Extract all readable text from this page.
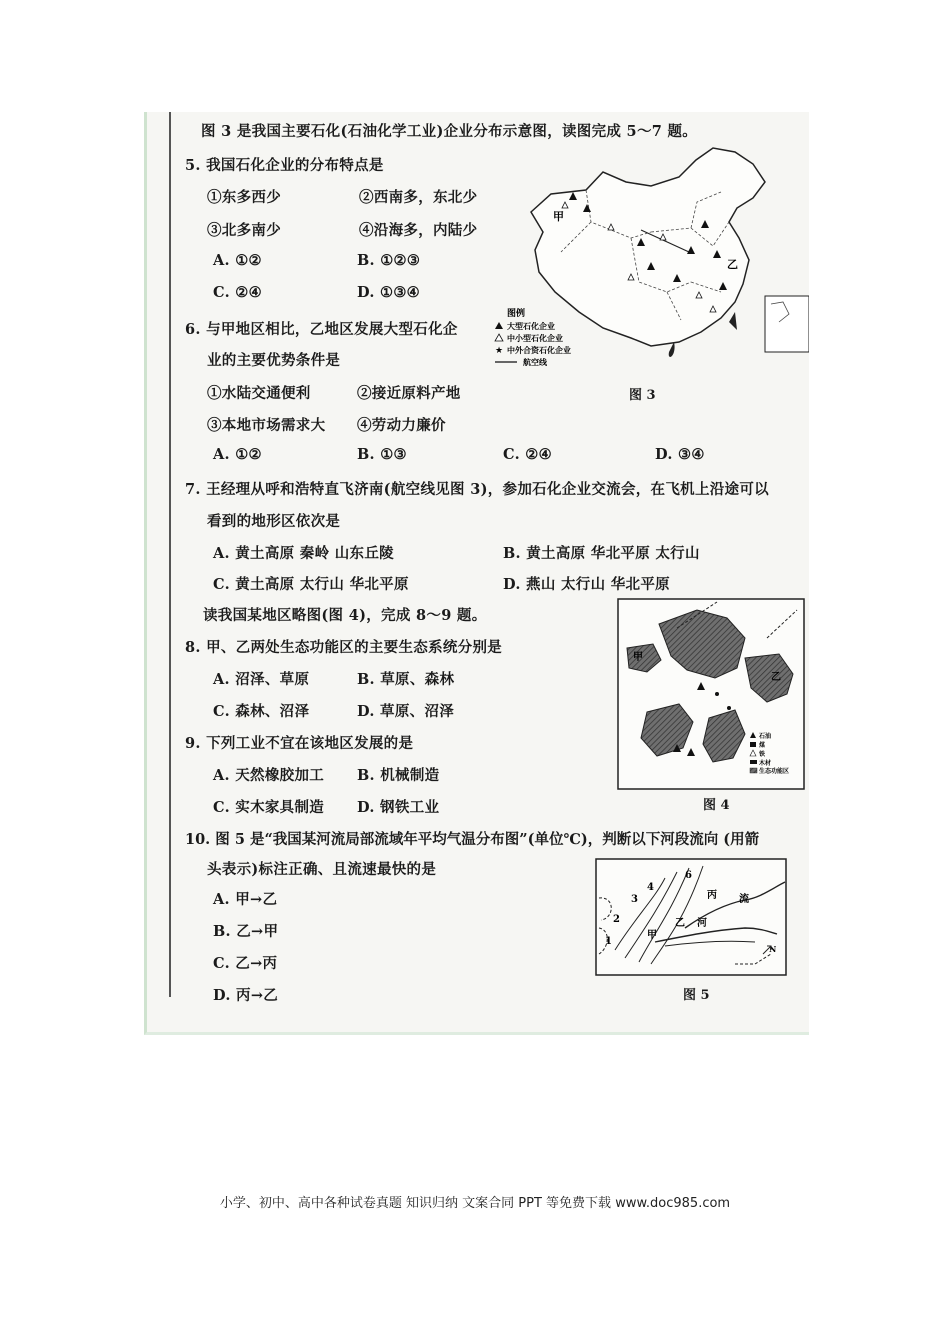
图 3 是我国主要石化(石油化学工业)企业分布示意图，读图完成 5～7 题。
5. 我国石化企业的分布特点是
①东多西少	②西南多，东北少
③北多南少	④沿海多，内陆少
A. ①②	B. ①②③
C. ②④	D. ①③④
6. 与甲地区相比，乙地区发展大型石化企
业的主要优势条件是
①水陆交通便利	②接近原料产地
③本地市场需求大 ④劳动力廉价
A. ①②	B. ①③	C. ②④	D. ③④
7. 王经理从呼和浩特直飞济南(航空线见图 3)，参加石化企业交流会，在飞机上沿途可以
看到的地形区依次是
A. 黄土高原 秦岭 山东丘陵	B. 黄土高原 华北平原 太行山
C. 黄土高原 太行山 华北平原	D. 燕山 太行山 华北平原
读我国某地区略图(图 4)，完成 8～9 题。
8. 甲、乙两处生态功能区的主要生态系统分别是
A. 沼泽、草原	B. 草原、森林
C. 森林、沼泽	D. 草原、沼泽
9. 下列工业不宜在该地区发展的是
A. 天然橡胶加工 B. 机械制造
C. 实木家具制造 D. 钢铁工业
10. 图 5 是“我国某河流局部流域年平均气温分布图”(单位℃)，判断以下河段流向 (用箭
头表示)标注正确、且流速最快的是
A. 甲→乙
B. 乙→甲
C. 乙→丙
D. 丙→乙
甲
乙
图例
大型石化企业
中小型石化企业
★ 中外合资石化企业
航空线
图 3
甲
乙
石油
煤
铁
木材
生态功能区
图 4
1
2
3
4
6
甲
乙
丙 流
河
N
图 5
小学、初中、高中各种试卷真题 知识归纳 文案合同 PPT 等免费下载 www.doc985.com
